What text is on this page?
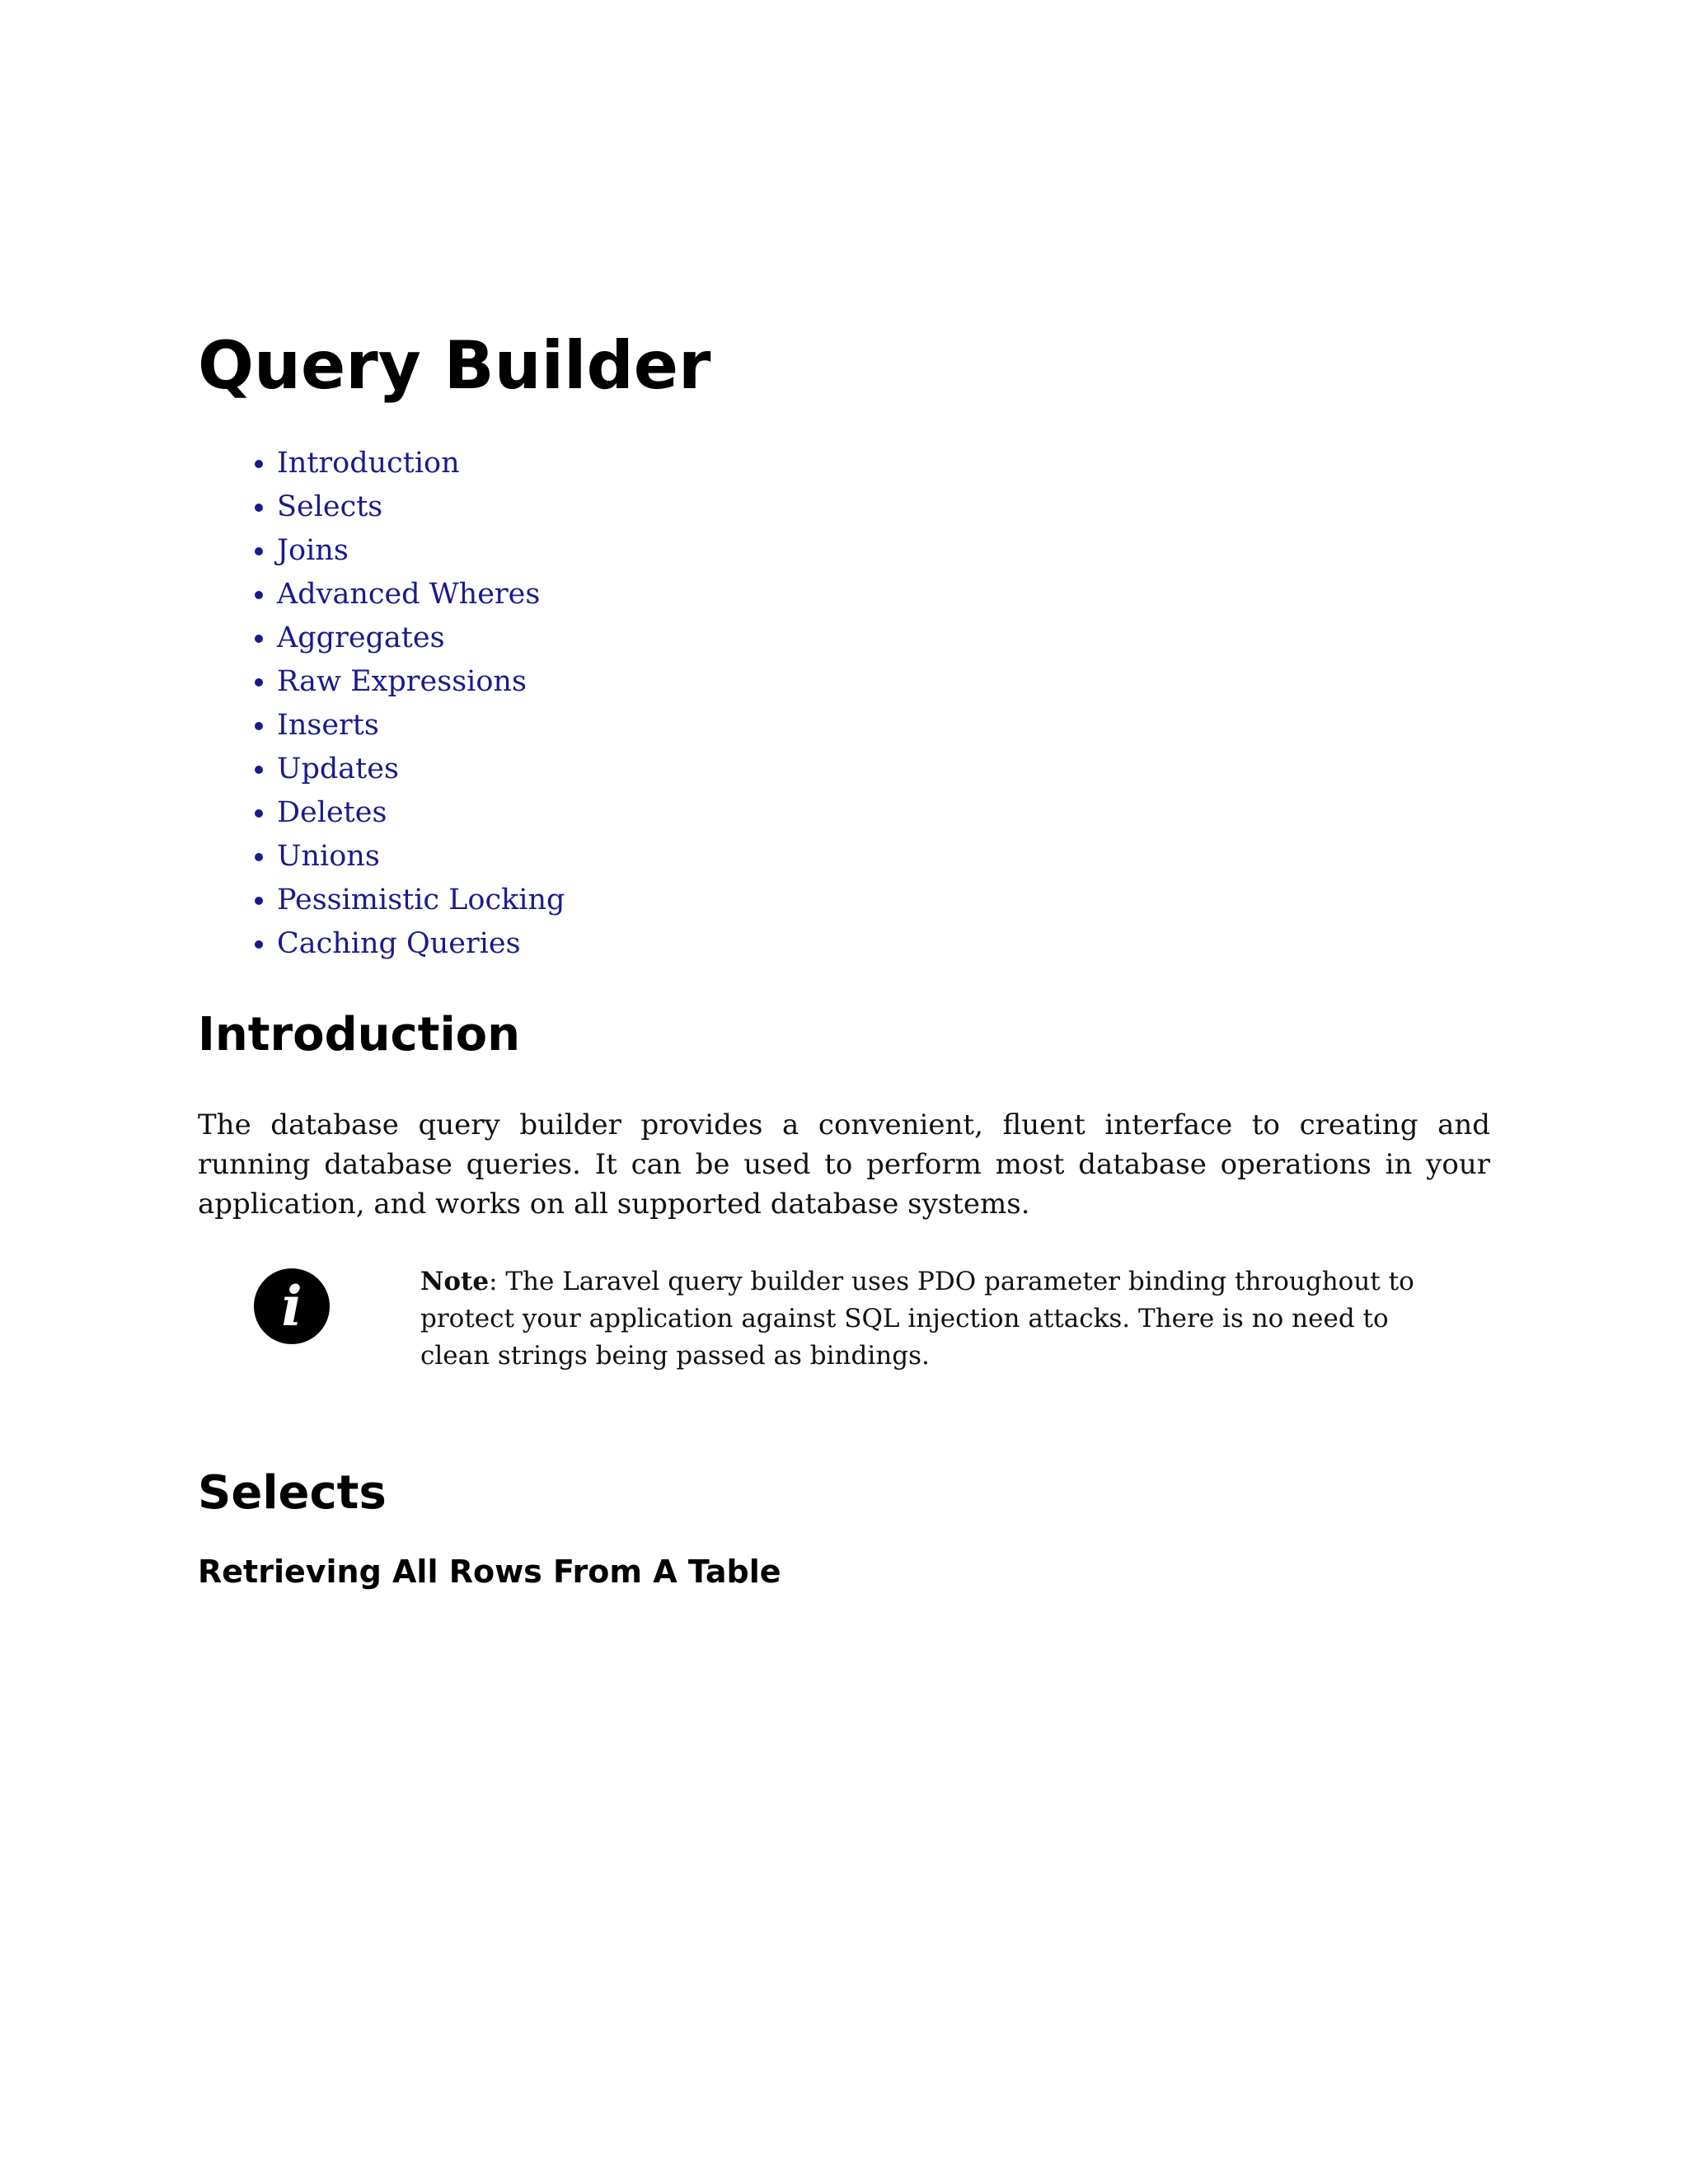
Query Builder
• Introduction
• Selects
• Joins
• Advanced Wheres
• Aggregates
• Raw Expressions
• Inserts
• Updates
• Deletes
• Unions
• Pessimistic Locking
• Caching Queries
Introduction

The database query builder provides a convenient, fluent interface to creating and running database queries. It can be used to perform most database operations in your application, and works on all supported database systems.

i	Note: The Laravel query builder uses PDO parameter binding throughout to protect your application against SQL injection attacks. There is no need to clean strings being passed as bindings.
Selects
Retrieving All Rows From A Table
